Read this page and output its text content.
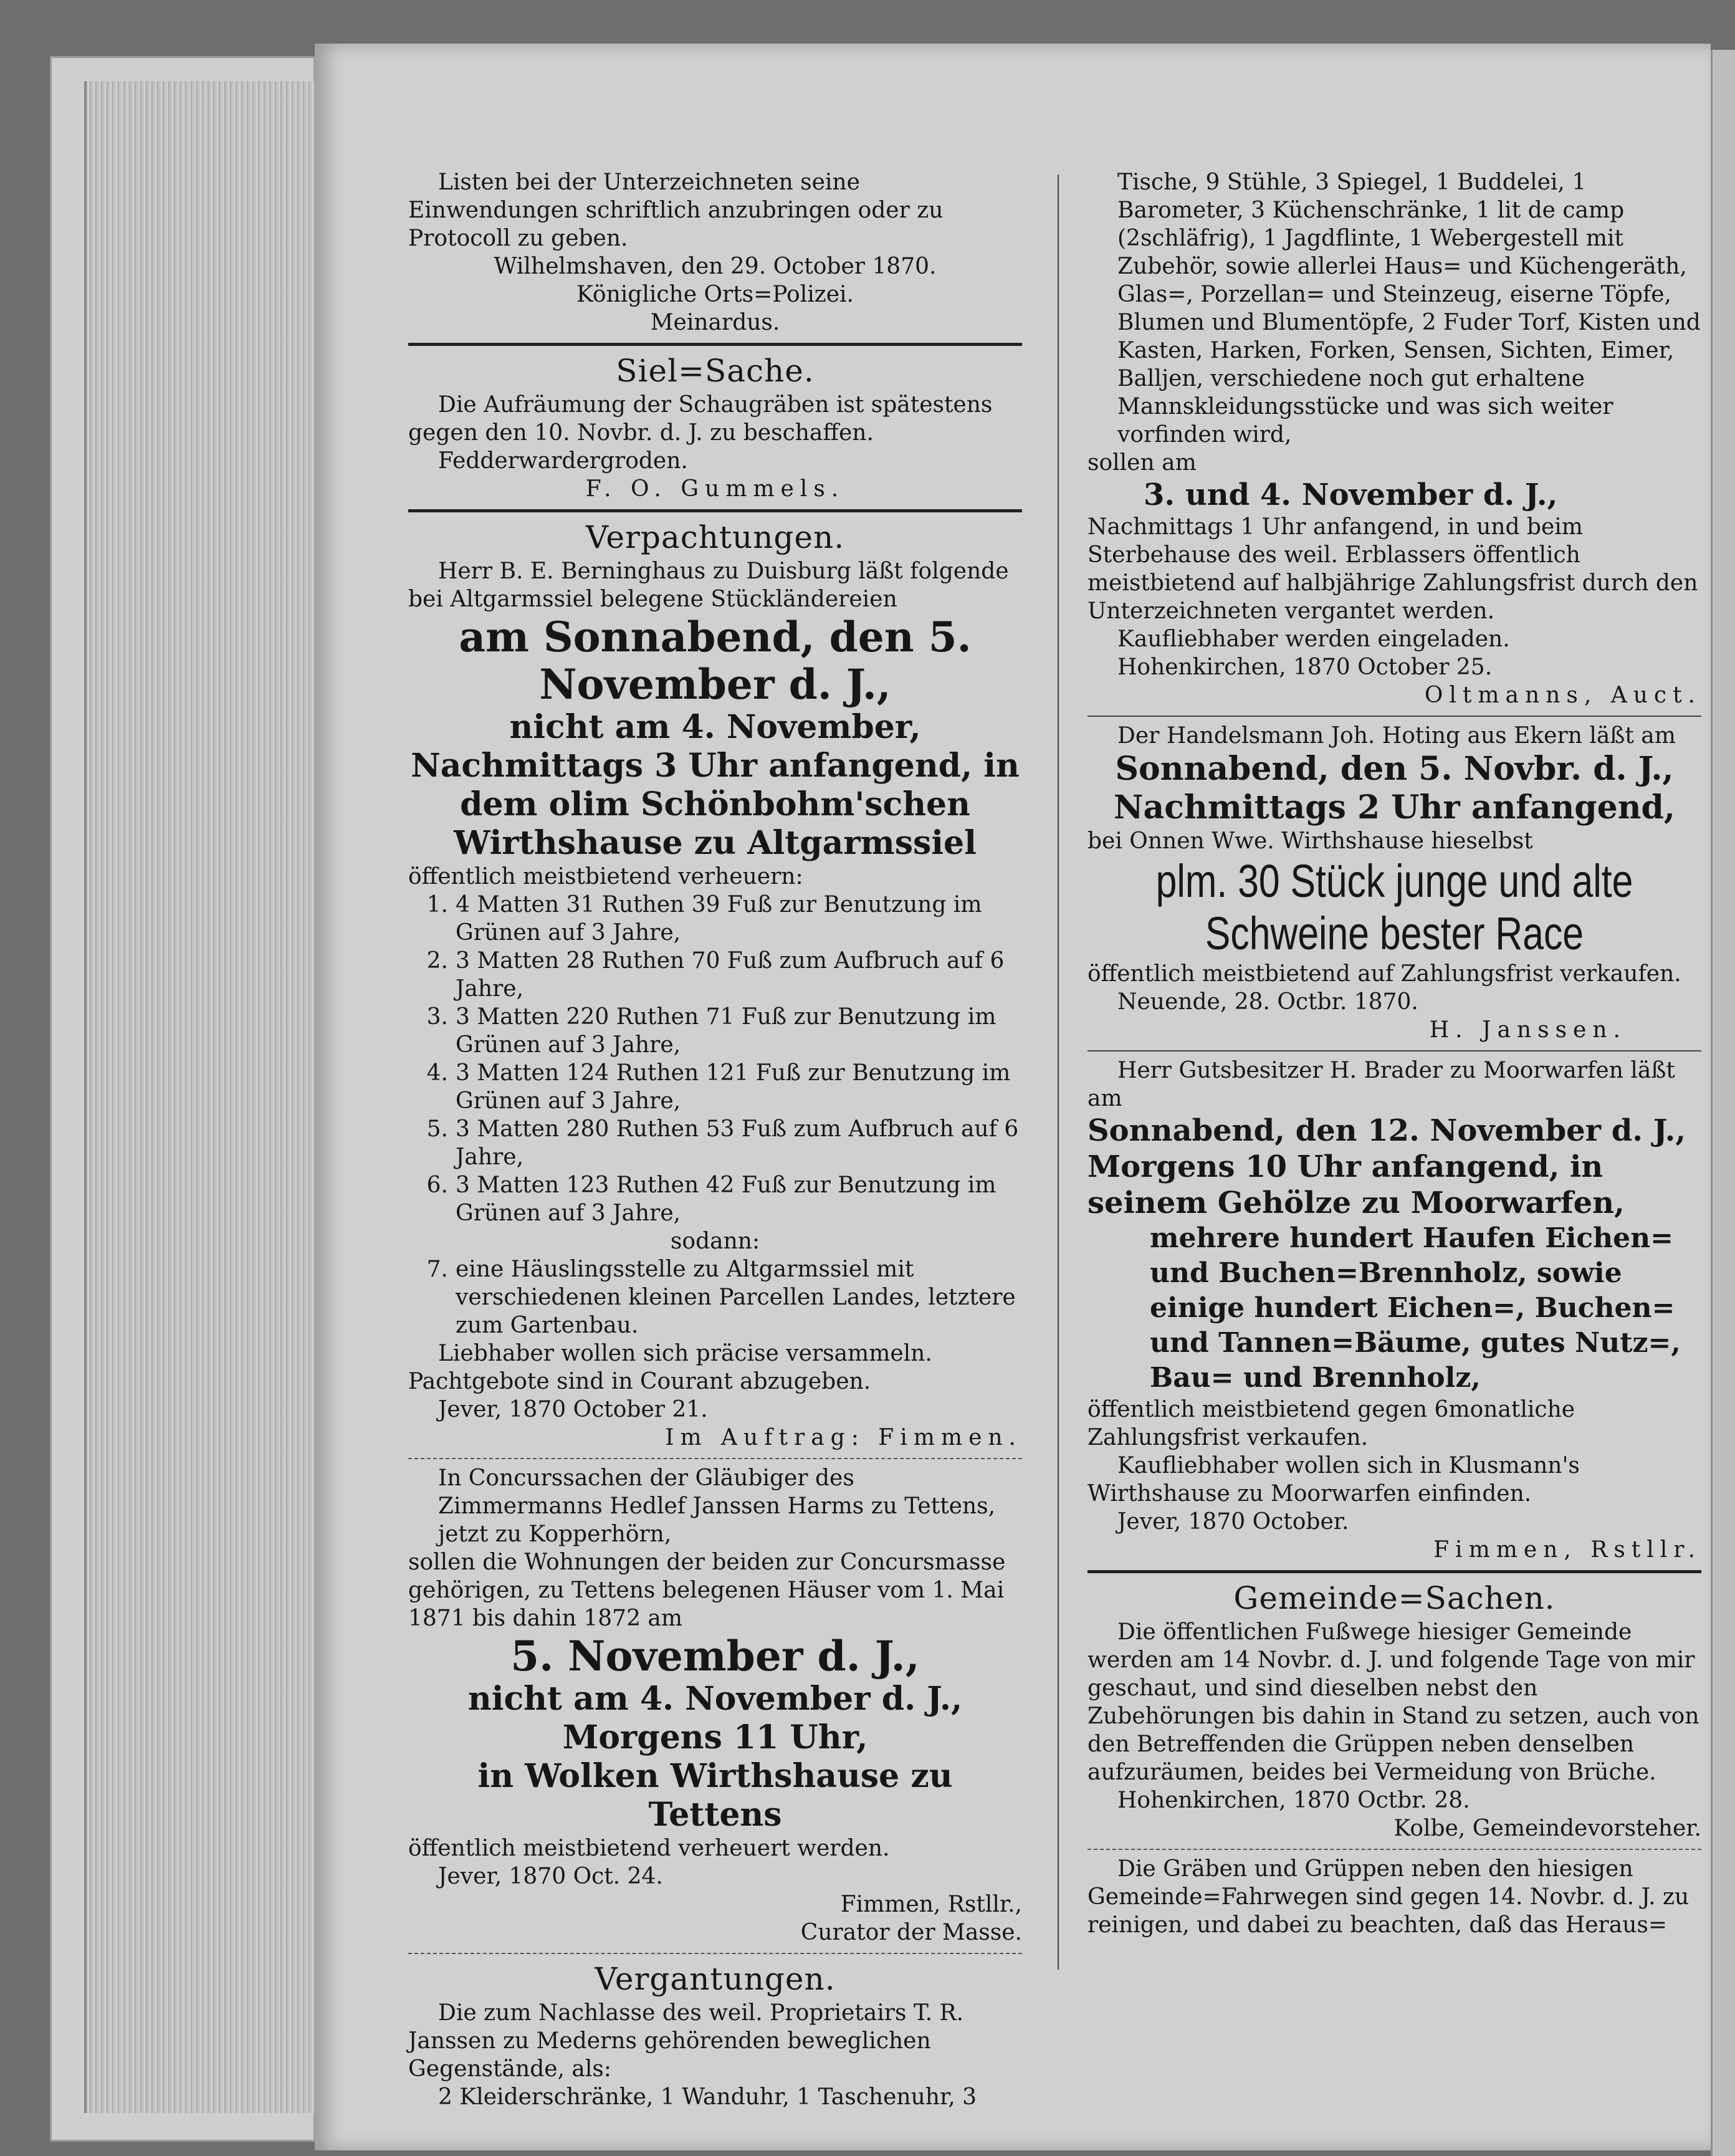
Listen bei der Unterzeichneten seine Einwendungen schriftlich anzubringen oder zu Protocoll zu geben.

Wilhelmshaven, den 29. October 1870.

Königliche Orts=Polizei.

Meinardus.

Siel=Sache.

Die Aufräumung der Schaugräben ist spätestens gegen den 10. Novbr. d. J. zu beschaffen.

Fedderwardergroden.

F. O. Gummels.

Verpachtungen.

Herr B. E. Berninghaus zu Duisburg läßt folgende bei Altgarmssiel belegene Stückländereien

am Sonnabend, den 5. November d. J.,

nicht am 4. November,

Nachmittags 3 Uhr anfangend, in dem olim Schönbohm'schen Wirthshause zu Altgarmssiel

öffentlich meistbietend verheuern:

1. 4 Matten 31 Ruthen 39 Fuß zur Benutzung im Grünen auf 3 Jahre,
2. 3 Matten 28 Ruthen 70 Fuß zum Aufbruch auf 6 Jahre,
3. 3 Matten 220 Ruthen 71 Fuß zur Benutzung im Grünen auf 3 Jahre,
4. 3 Matten 124 Ruthen 121 Fuß zur Benutzung im Grünen auf 3 Jahre,
5. 3 Matten 280 Ruthen 53 Fuß zum Aufbruch auf 6 Jahre,
6. 3 Matten 123 Ruthen 42 Fuß zur Benutzung im Grünen auf 3 Jahre,

sodann:

7. eine Häuslingsstelle zu Altgarmssiel mit verschiedenen kleinen Parcellen Landes, letztere zum Gartenbau.

Liebhaber wollen sich präcise versammeln. Pachtgebote sind in Courant abzugeben.

Jever, 1870 October 21.

Im Auftrag: Fimmen.

In Concurssachen der Gläubiger des Zimmermanns Hedlef Janssen Harms zu Tettens, jetzt zu Kopperhörn,

sollen die Wohnungen der beiden zur Concursmasse gehörigen, zu Tettens belegenen Häuser vom 1. Mai 1871 bis dahin 1872 am

5. November d. J.,

nicht am 4. November d. J.,

Morgens 11 Uhr,

in Wolken Wirthshause zu Tettens

öffentlich meistbietend verheuert werden.

Jever, 1870 Oct. 24.

Fimmen, Rstllr.,

Curator der Masse.

Vergantungen.

Die zum Nachlasse des weil. Proprietairs T. R. Janssen zu Mederns gehörenden beweglichen Gegenstände, als:

2 Kleiderschränke, 1 Wanduhr, 1 Taschenuhr, 3

Tische, 9 Stühle, 3 Spiegel, 1 Buddelei, 1 Barometer, 3 Küchenschränke, 1 lit de camp (2schläfrig), 1 Jagdflinte, 1 Webergestell mit Zubehör, sowie allerlei Haus= und Küchengeräth, Glas=, Porzellan= und Steinzeug, eiserne Töpfe, Blumen und Blumentöpfe, 2 Fuder Torf, Kisten und Kasten, Harken, Forken, Sensen, Sichten, Eimer, Balljen, verschiedene noch gut erhaltene Mannskleidungsstücke und was sich weiter vorfinden wird,

sollen am

3. und 4. November d. J.,

Nachmittags 1 Uhr anfangend, in und beim Sterbehause des weil. Erblassers öffentlich meistbietend auf halbjährige Zahlungsfrist durch den Unterzeichneten vergantet werden.

Kaufliebhaber werden eingeladen.

Hohenkirchen, 1870 October 25.

Oltmanns, Auct.

Der Handelsmann Joh. Hoting aus Ekern läßt am

Sonnabend, den 5. Novbr. d. J.,

Nachmittags 2 Uhr anfangend,

bei Onnen Wwe. Wirthshause hieselbst

plm. 30 Stück junge und alte Schweine bester Race

öffentlich meistbietend auf Zahlungsfrist verkaufen.

Neuende, 28. Octbr. 1870.

H. Janssen.

Herr Gutsbesitzer H. Brader zu Moorwarfen läßt am

Sonnabend, den 12. November d. J., Morgens 10 Uhr anfangend, in seinem Gehölze zu Moorwarfen,

mehrere hundert Haufen Eichen= und Buchen=Brennholz, sowie einige hundert Eichen=, Buchen= und Tannen=Bäume, gutes Nutz=, Bau= und Brennholz,

öffentlich meistbietend gegen 6monatliche Zahlungsfrist verkaufen.

Kaufliebhaber wollen sich in Klusmann's Wirthshause zu Moorwarfen einfinden.

Jever, 1870 October.

Fimmen, Rstllr.

Gemeinde=Sachen.

Die öffentlichen Fußwege hiesiger Gemeinde werden am 14 Novbr. d. J. und folgende Tage von mir geschaut, und sind dieselben nebst den Zubehörungen bis dahin in Stand zu setzen, auch von den Betreffenden die Grüppen neben denselben aufzuräumen, beides bei Vermeidung von Brüche.

Hohenkirchen, 1870 Octbr. 28.

Kolbe, Gemeindevorsteher.

Die Gräben und Grüppen neben den hiesigen Gemeinde=Fahrwegen sind gegen 14. Novbr. d. J. zu reinigen, und dabei zu beachten, daß das Heraus=
